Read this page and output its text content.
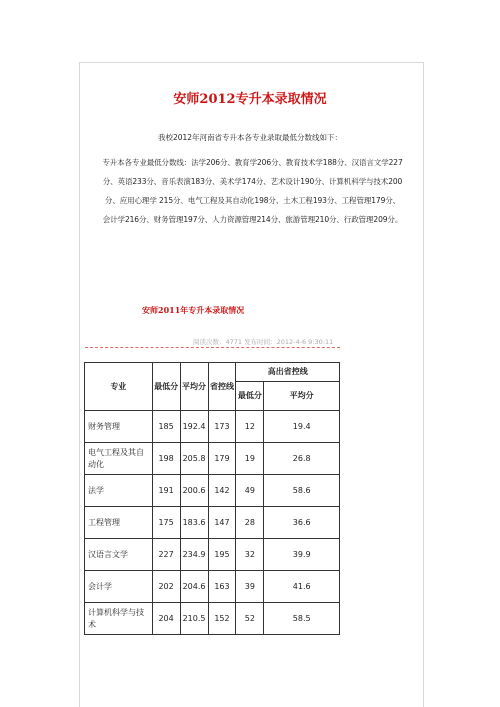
安师2012专升本录取情况
我校2012年河南省专升本各专业录取最低分数线如下：
专升本各专业最低分数线：法学206分、教育学206分、教育技术学188分、汉语言文学227
分、英语233分、音乐表演183分、美术学174分、艺术设计190分、计算机科学与技术200
分、应用心理学 215分、电气工程及其自动化198分、土木工程193分、工程管理179分、
会计学216分、财务管理197分、人力资源管理214分、旅游管理210分、行政管理209分。
安师2011年专升本录取情况
阅读次数：4771 发布时间：2012-4-6 9:30:11
专业	最低分	平均分	省控线	高出省控线	
				最低分	平均分
财务管理	185	192.4	173	12	19.4
电气工程及其自动化	198	205.8	179	19	26.8
法学	191	200.6	142	49	58.6
工程管理	175	183.6	147	28	36.6
汉语言文学	227	234.9	195	32	39.9
会计学	202	204.6	163	39	41.6
计算机科学与技术	204	210.5	152	52	58.5
